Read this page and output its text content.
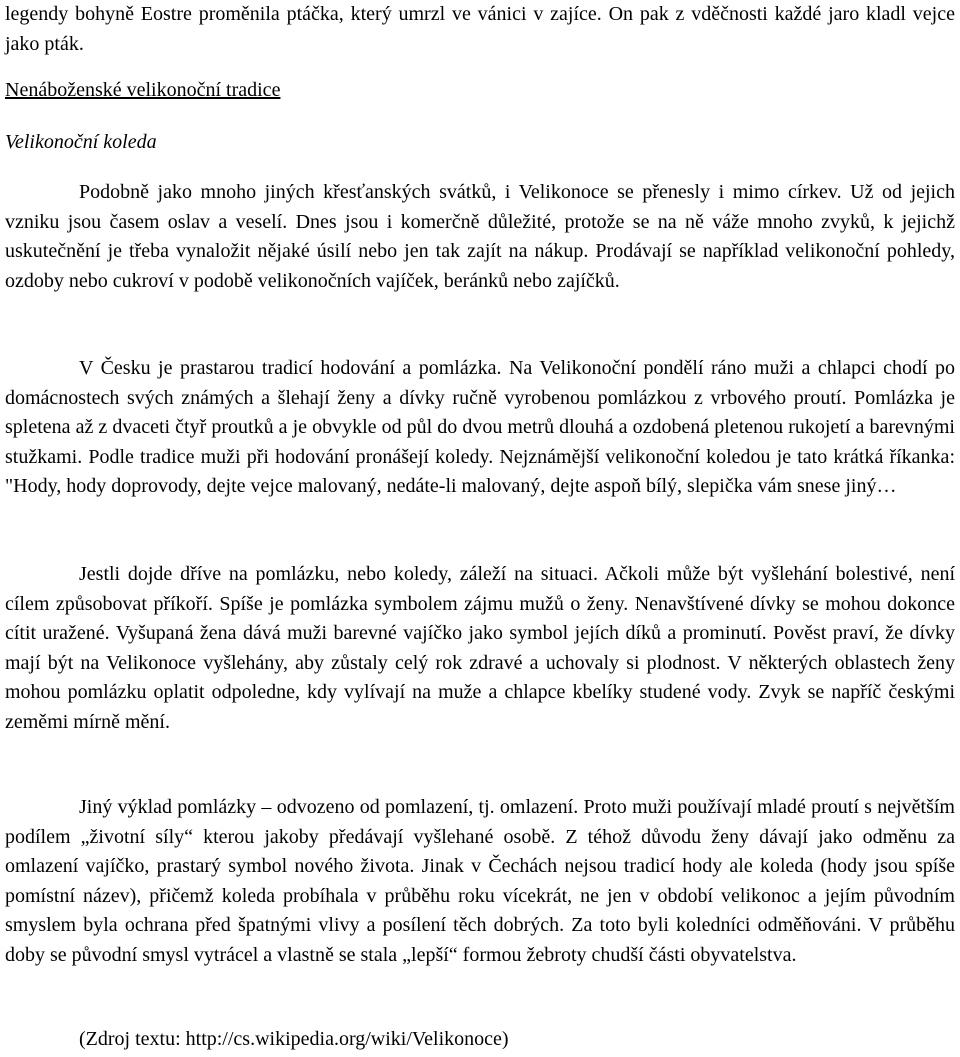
legendy bohyně Eostre proměnila ptáčka, který umrzl ve vánici v zajíce. On pak z vděčnosti každé jaro kladl vejce jako pták.

Nenáboženské velikonoční tradice
Velikonoční koleda

Podobně jako mnoho jiných křesťanských svátků, i Velikonoce se přenesly i mimo církev. Už od jejich vzniku jsou časem oslav a veselí. Dnes jsou i komerčně důležité, protože se na ně váže mnoho zvyků, k jejichž uskutečnění je třeba vynaložit nějaké úsilí nebo jen tak zajít na nákup. Prodávají se například velikonoční pohledy, ozdoby nebo cukroví v podobě velikonočních vajíček, beránků nebo zajíčků.

V Česku je prastarou tradicí hodování a pomlázka. Na Velikonoční pondělí ráno muži a chlapci chodí po domácnostech svých známých a šlehají ženy a dívky ručně vyrobenou pomlázkou z vrbového proutí. Pomlázka je spletena až z dvaceti čtyř proutků a je obvykle od půl do dvou metrů dlouhá a ozdobená pletenou rukojetí a barevnými stužkami. Podle tradice muži při hodování pronášejí koledy. Nejznámější velikonoční koledou je tato krátká říkanka: "Hody, hody doprovody, dejte vejce malovaný, nedáte-li malovaný, dejte aspoň bílý, slepička vám snese jiný…

Jestli dojde dříve na pomlázku, nebo koledy, záleží na situaci. Ačkoli může být vyšlehání bolestivé, není cílem způsobovat příkoří. Spíše je pomlázka symbolem zájmu mužů o ženy. Nenavštívené dívky se mohou dokonce cítit uražené. Vyšupaná žena dává muži barevné vajíčko jako symbol jejích díků a prominutí. Pověst praví, že dívky mají být na Velikonoce vyšlehány, aby zůstaly celý rok zdravé a uchovaly si plodnost. V některých oblastech ženy mohou pomlázku oplatit odpoledne, kdy vylívají na muže a chlapce kbelíky studené vody. Zvyk se napříč českými zeměmi mírně mění.

Jiný výklad pomlázky – odvozeno od pomlazení, tj. omlazení. Proto muži používají mladé proutí s největším podílem „životní síly“ kterou jakoby předávají vyšlehané osobě. Z téhož důvodu ženy dávají jako odměnu za omlazení vajíčko, prastarý symbol nového života. Jinak v Čechách nejsou tradicí hody ale koleda (hody jsou spíše pomístní název), přičemž koleda probíhala v průběhu roku vícekrát, ne jen v období velikonoc a jejím původním smyslem byla ochrana před špatnými vlivy a posílení těch dobrých. Za toto byli koledníci odměňováni. V průběhu doby se původní smysl vytrácel a vlastně se stala „lepší“ formou žebroty chudší části obyvatelstva.

(Zdroj textu: http://cs.wikipedia.org/wiki/Velikonoce)
